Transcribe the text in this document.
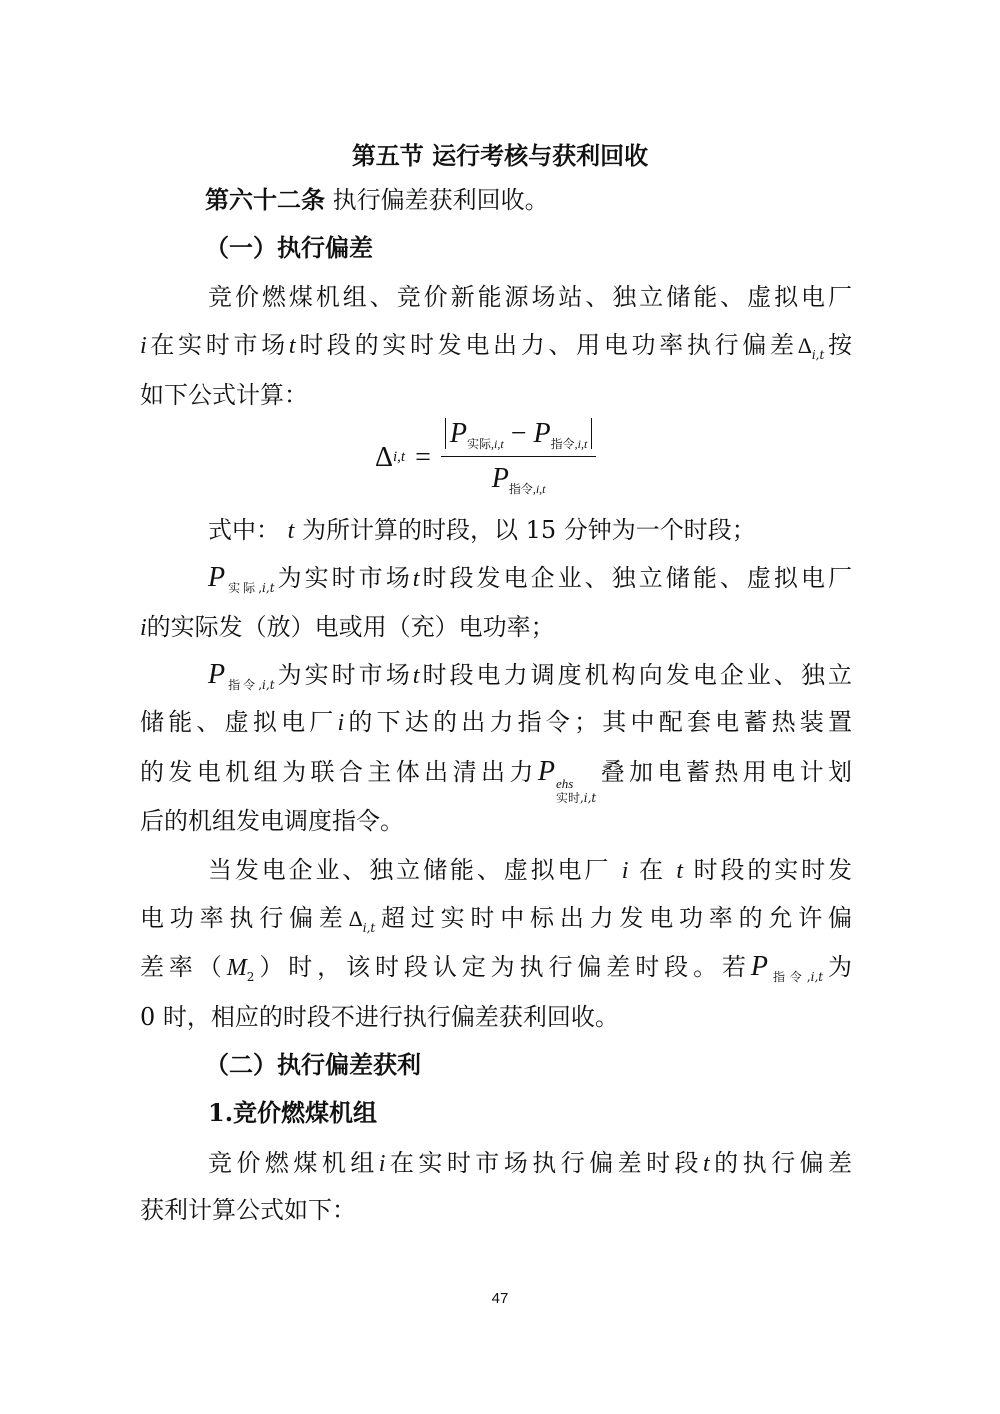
第五节 运行考核与获利回收
第六十二条 执行偏差获利回收。
（一）执行偏差
竞价燃煤机组、竞价新能源场站、独立储能、虚拟电厂
i在实时市场t时段的实时发电出力、用电功率执行偏差$\Delta_{i,t}$按
如下公式计算：
Δ $i,t = \frac{P_{实际,i,t} - P_{指令,i,t}}{P_{指令,i,t}}$
式中： t 为所计算的时段，以 15 分钟为一个时段；
$P_{实际,i,t}$为实时市场t时段发电企业、独立储能、虚拟电厂
i的实际发（放）电或用（充）电功率；
$P_{指令,i,t}$为实时市场t时段电力调度机构向发电企业、独立
储能、虚拟电厂i的下达的出力指令；其中配套电蓄热装置
的发电机组为联合主体出清出力P ehs
实时,i,t
叠加电蓄热用电计划
后的机组发电调度指令。
当发电企业、独立储能、虚拟电厂 i 在 t 时段的实时发
电功率执行偏差$\Delta_{i,t}$超过实时中标出力发电功率的允许偏
差率$(M_2)$时，该时段认定为执行偏差时段。若$P_{指令,i,t}$为
0 时，相应的时段不进行执行偏差获利回收。
（二）执行偏差获利
1.竞价燃煤机组
竞价燃煤机组i在实时市场执行偏差时段t的执行偏差
获利计算公式如下：
47
